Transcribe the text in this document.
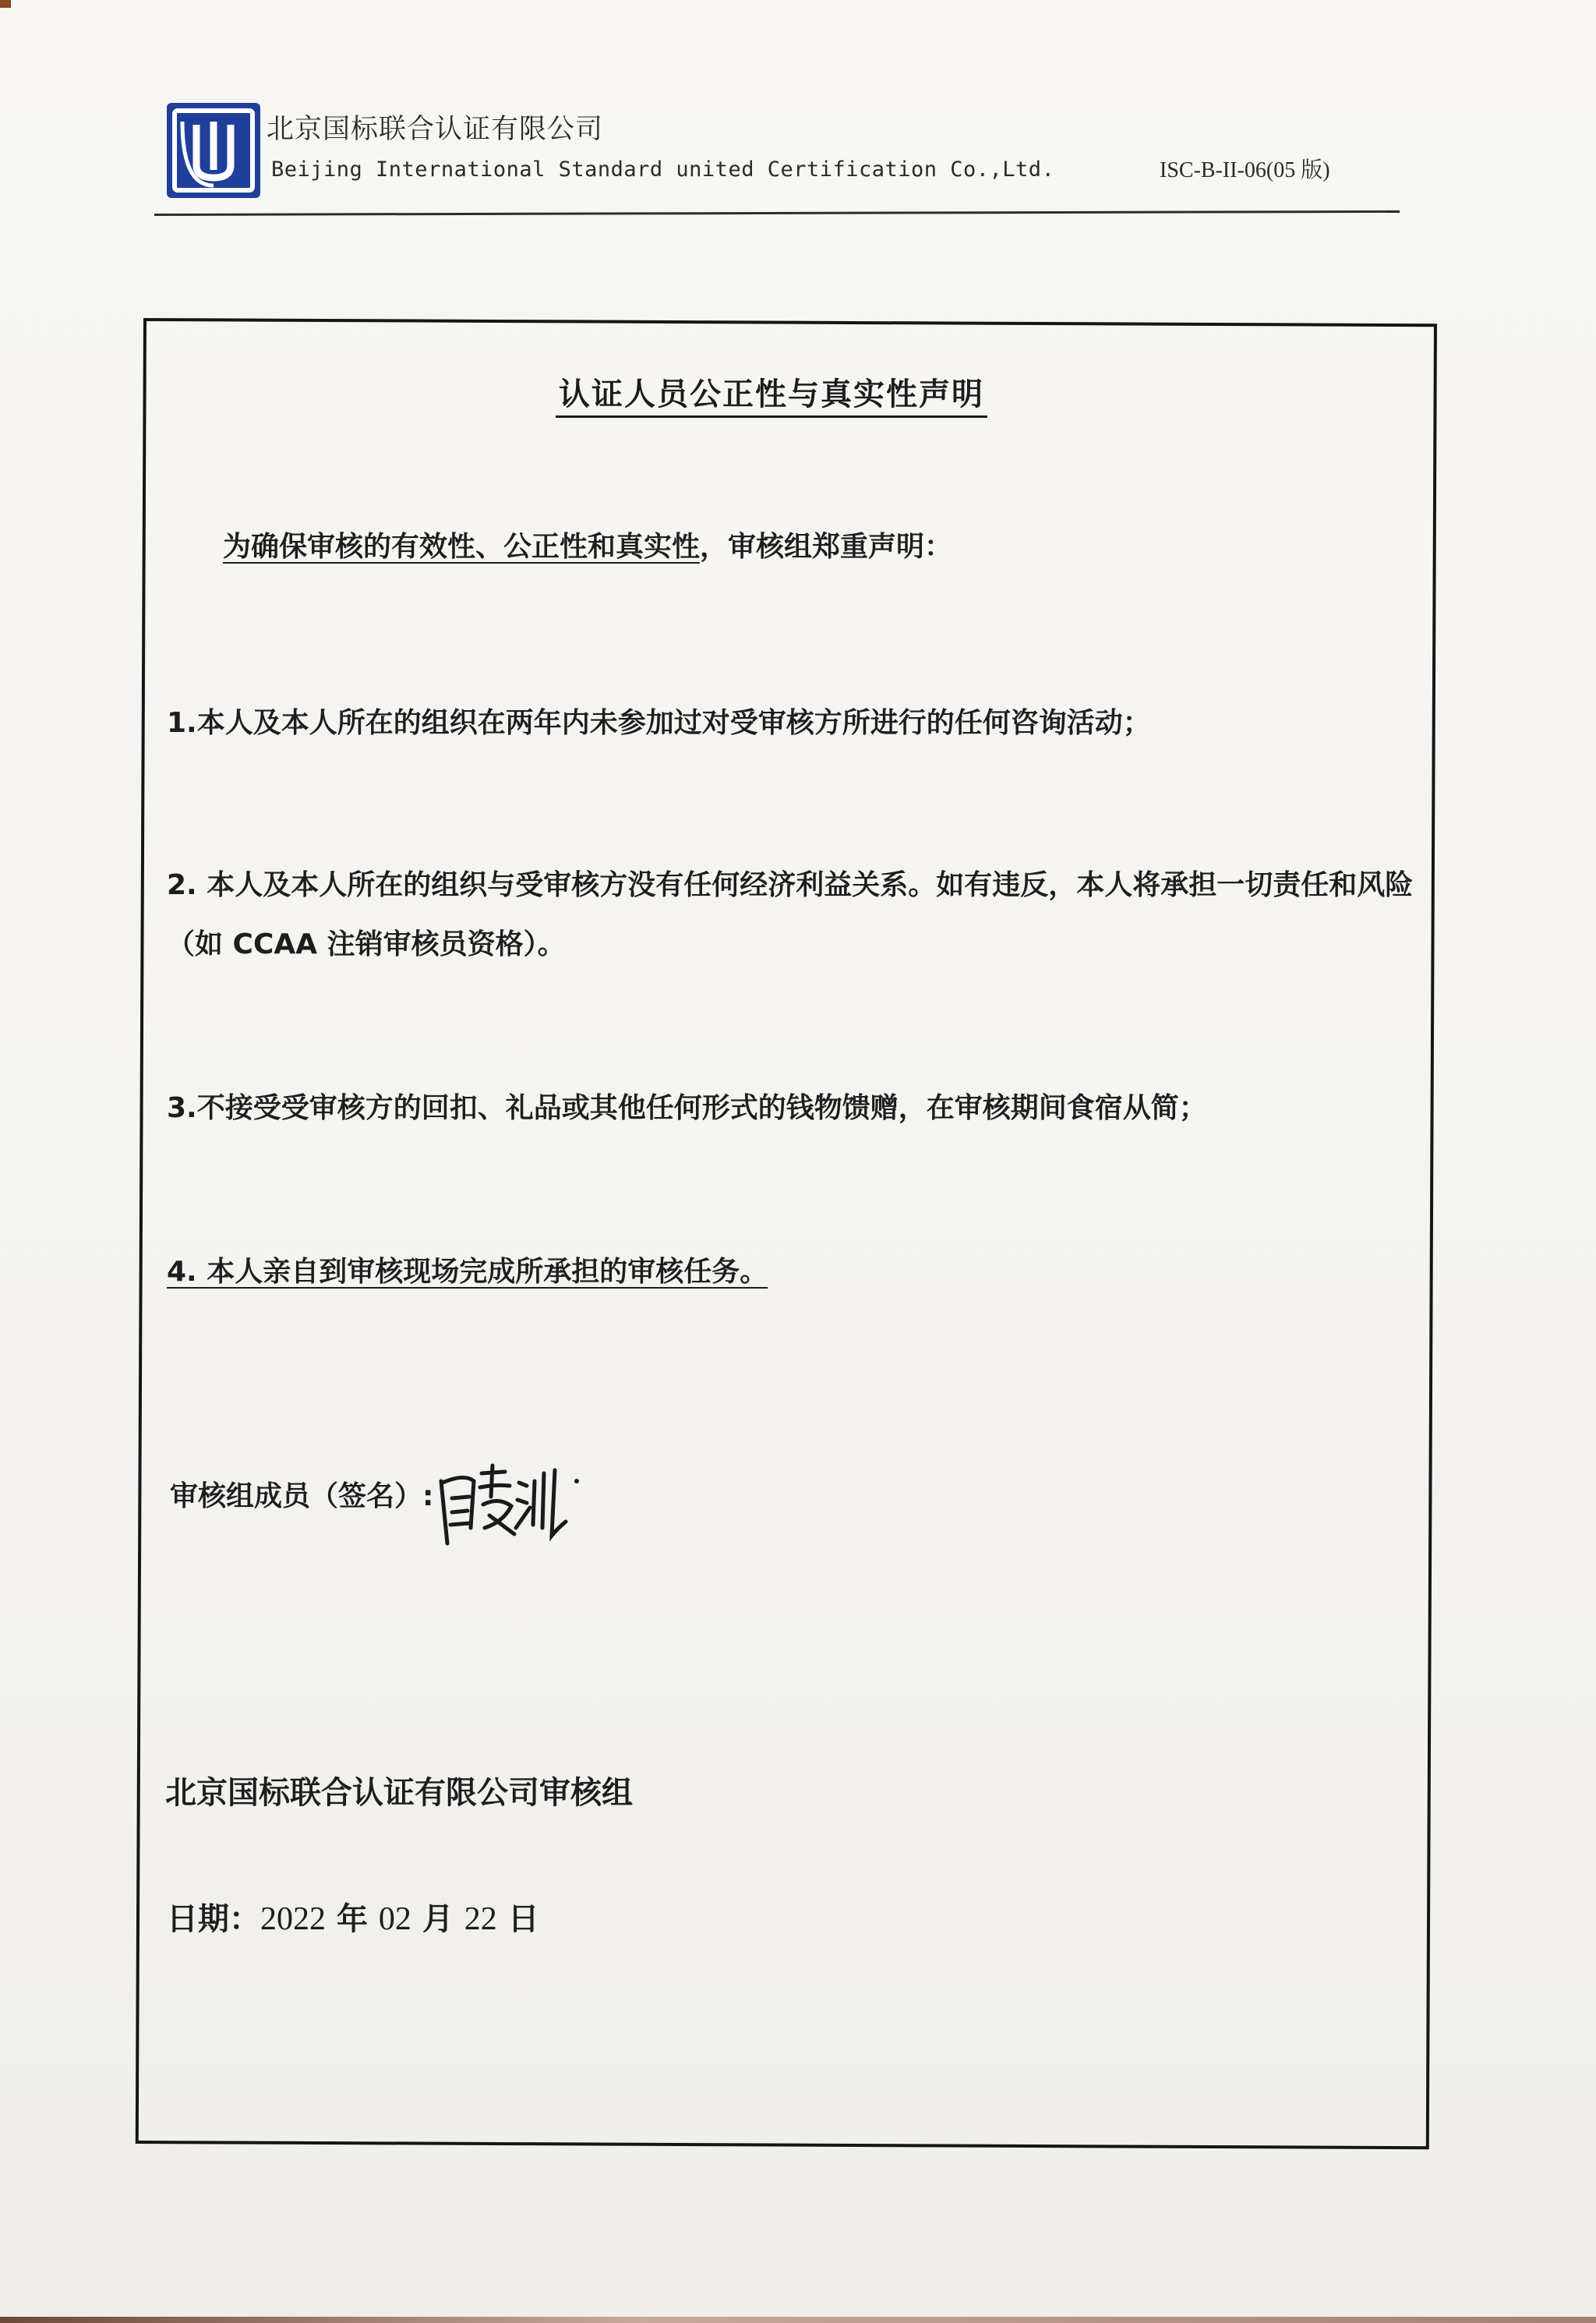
北京国标联合认证有限公司
Beijing International Standard united Certification Co.,Ltd.	ISC-B-II-06(05 版)
认证人员公正性与真实性声明
为确保审核的有效性、公正性和真实性，审核组郑重声明：
1.本人及本人所在的组织在两年内未参加过对受审核方所进行的任何咨询活动；
2. 本人及本人所在的组织与受审核方没有任何经济利益关系。如有违反，本人将承担一切责任和风险（如 CCAA 注销审核员资格）。
3.不接受受审核方的回扣、礼品或其他任何形式的钱物馈赠，在审核期间食宿从简；
4. 本人亲自到审核现场完成所承担的审核任务。
审核组成员（签名）:
北京国标联合认证有限公司审核组
日期：2022 年 02 月 22 日
